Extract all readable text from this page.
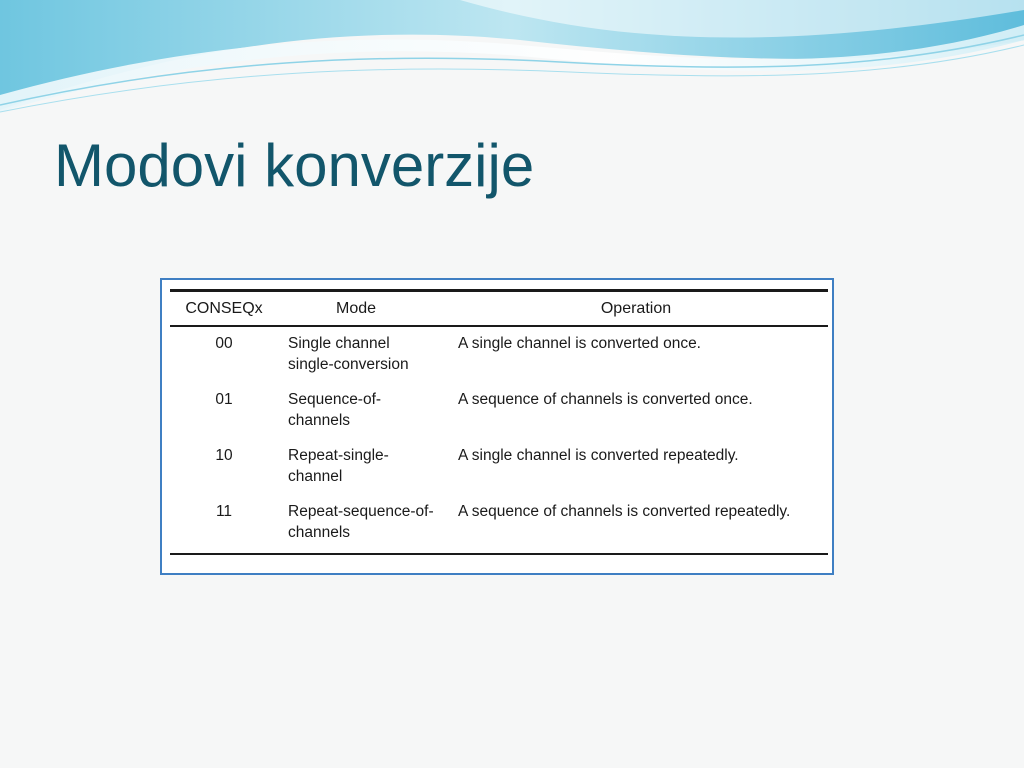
Modovi konverzije
CONSEQx	Mode	Operation
00	Single channel single-conversion	A single channel is converted once.
01	Sequence-of-channels	A sequence of channels is converted once.
10	Repeat-single-channel	A single channel is converted repeatedly.
11	Repeat-sequence-of-channels	A sequence of channels is converted repeatedly.
